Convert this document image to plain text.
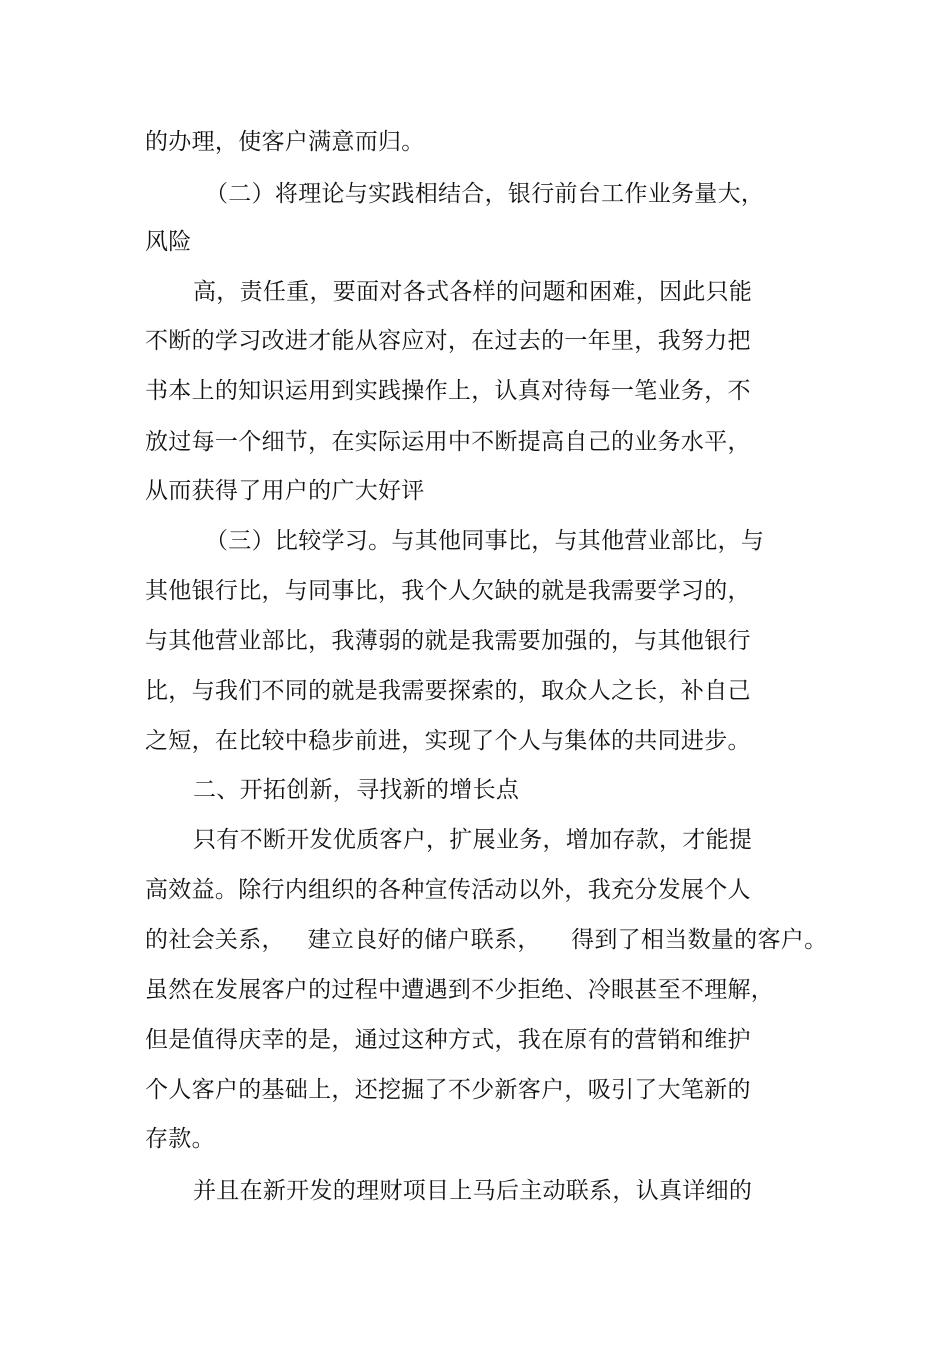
的办理，使客户满意而归。
（二）将理论与实践相结合，银行前台工作业务量大，
风险
高，责任重，要面对各式各样的问题和困难，因此只能
不断的学习改进才能从容应对，在过去的一年里，我努力把
书本上的知识运用到实践操作上，认真对待每一笔业务，不
放过每一个细节，在实际运用中不断提高自己的业务水平，
从而获得了用户的广大好评
（三）比较学习。与其他同事比，与其他营业部比，与
其他银行比，与同事比，我个人欠缺的就是我需要学习的，
与其他营业部比，我薄弱的就是我需要加强的，与其他银行
比，与我们不同的就是我需要探索的，取众人之长，补自己
之短，在比较中稳步前进，实现了个人与集体的共同进步。
二、开拓创新，寻找新的增长点
只有不断开发优质客户，扩展业务，增加存款，才能提
高效益。除行内组织的各种宣传活动以外，我充分发展个人
的社会关系，   建立良好的储户联系，    得到了相当数量的客户。
虽然在发展客户的过程中遭遇到不少拒绝、冷眼甚至不理解，
但是值得庆幸的是，通过这种方式，我在原有的营销和维护
个人客户的基础上，还挖掘了不少新客户，吸引了大笔新的
存款。
并且在新开发的理财项目上马后主动联系，认真详细的
